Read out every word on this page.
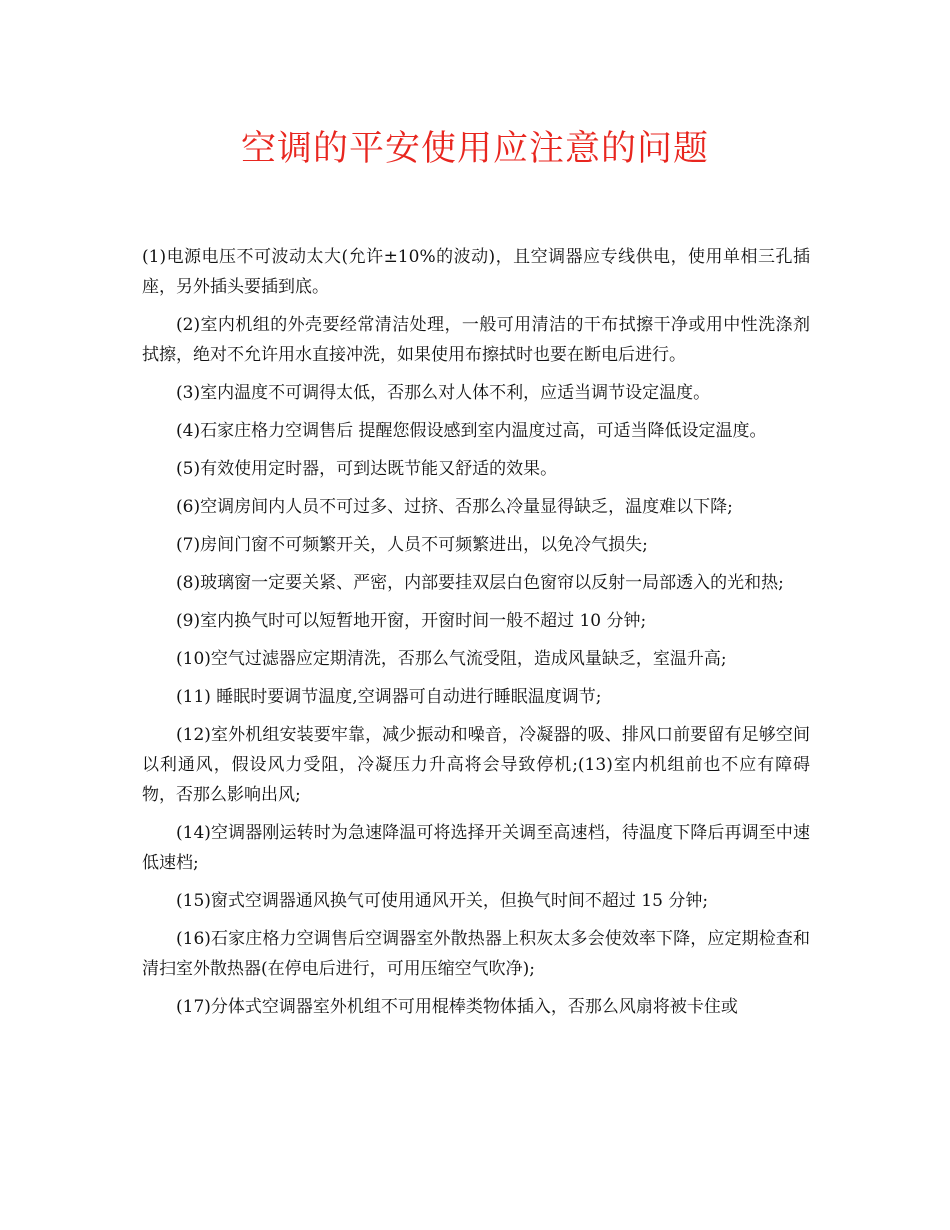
空调的平安使用应注意的问题

(1)电源电压不可波动太大(允许±10%的波动)，且空调器应专线供电，使用单相三孔插座，另外插头要插到底。

(2)室内机组的外壳要经常清洁处理，一般可用清洁的干布拭擦干净或用中性洗涤剂拭擦，绝对不允许用水直接冲洗，如果使用布擦拭时也要在断电后进行。

(3)室内温度不可调得太低，否那么对人体不利，应适当调节设定温度。

(4)石家庄格力空调售后 提醒您假设感到室内温度过高，可适当降低设定温度。

(5)有效使用定时器，可到达既节能又舒适的效果。

(6)空调房间内人员不可过多、过挤、否那么冷量显得缺乏，温度难以下降;

(7)房间门窗不可频繁开关，人员不可频繁进出，以免冷气损失;

(8)玻璃窗一定要关紧、严密，内部要挂双层白色窗帘以反射一局部透入的光和热;

(9)室内换气时可以短暂地开窗，开窗时间一般不超过 10 分钟;

(10)空气过滤器应定期清洗，否那么气流受阻，造成风量缺乏，室温升高;

(11) 睡眠时要调节温度,空调器可自动进行睡眠温度调节;

(12)室外机组安装要牢靠，减少振动和噪音，冷凝器的吸、排风口前要留有足够空间以利通风，假设风力受阻，冷凝压力升高将会导致停机;(13)室内机组前也不应有障碍物，否那么影响出风;

(14)空调器刚运转时为急速降温可将选择开关调至高速档，待温度下降后再调至中速低速档;

(15)窗式空调器通风换气可使用通风开关，但换气时间不超过 15 分钟;

(16)石家庄格力空调售后空调器室外散热器上积灰太多会使效率下降，应定期检查和清扫室外散热器(在停电后进行，可用压缩空气吹净);

(17)分体式空调器室外机组不可用棍棒类物体插入，否那么风扇将被卡住或
